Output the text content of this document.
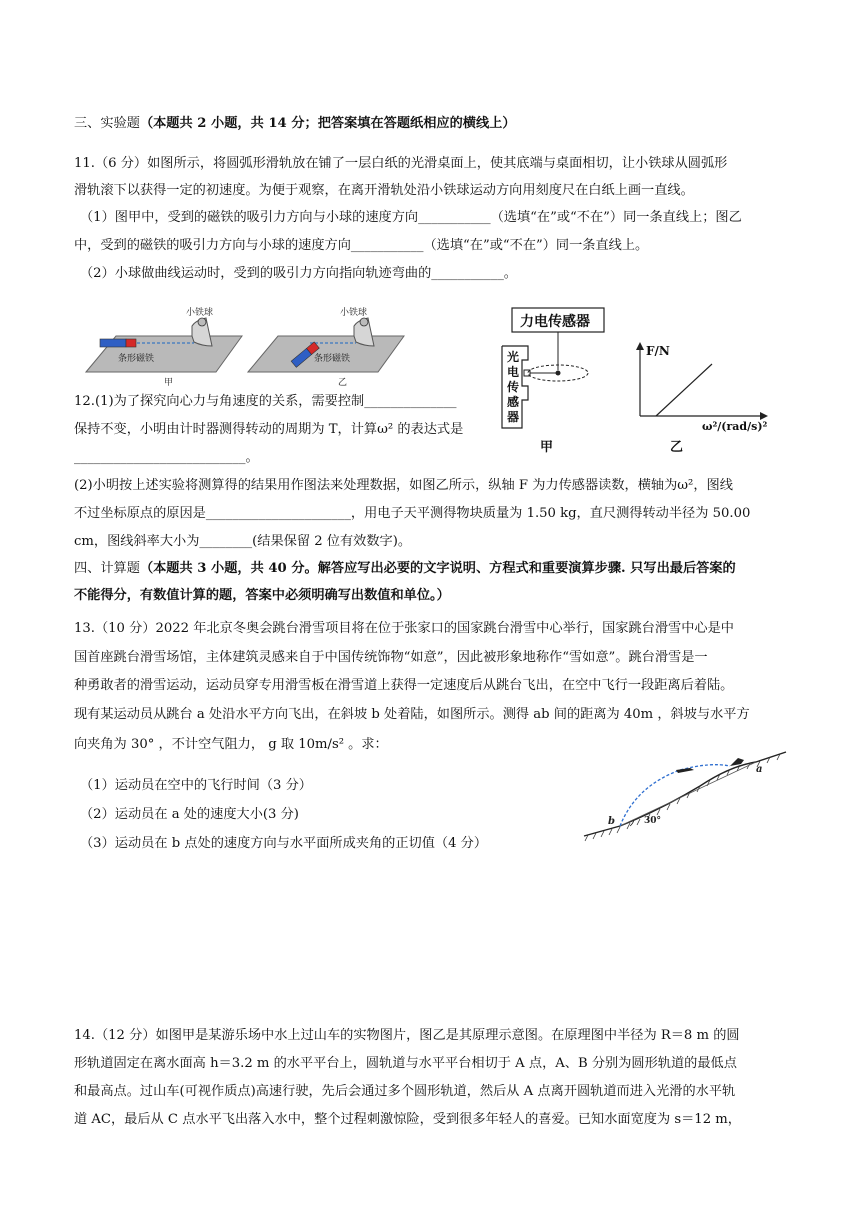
三、实验题（本题共 2 小题，共 14 分；把答案填在答题纸相应的横线上）
11.（6 分）如图所示，将圆弧形滑轨放在铺了一层白纸的光滑桌面上，使其底端与桌面相切，让小铁球从圆弧形
滑轨滚下以获得一定的初速度。为便于观察，在离开滑轨处沿小铁球运动方向用刻度尺在白纸上画一直线。
（1）图甲中，受到的磁铁的吸引力方向与小球的速度方向___________（选填“在”或“不在”）同一条直线上；图乙
中，受到的磁铁的吸引力方向与小球的速度方向___________（选填“在”或“不在”）同一条直线上。
（2）小球做曲线运动时，受到的吸引力方向指向轨迹弯曲的___________。
小铁球
条形磁铁
甲
小铁球
条形磁铁
乙
力电传感器
光
电
传
感
器
甲
F/N
ω²/(rad/s)²
乙
12.(1)为了探究向心力与角速度的关系，需要控制______________
保持不变，小明由计时器测得转动的周期为 T，计算ω² 的表达式是
__________________________。
(2)小明按上述实验将测算得的结果用作图法来处理数据，如图乙所示，纵轴 F 为力传感器读数，横轴为ω²，图线
不过坐标原点的原因是______________________，用电子天平测得物块质量为 1.50 kg，直尺测得转动半径为 50.00
cm，图线斜率大小为________(结果保留 2 位有效数字)。
四、计算题（本题共 3 小题，共 40 分。解答应写出必要的文字说明、方程式和重要演算步骤. 只写出最后答案的
不能得分，有数值计算的题，答案中必须明确写出数值和单位。）
13.（10 分）2022 年北京冬奥会跳台滑雪项目将在位于张家口的国家跳台滑雪中心举行，国家跳台滑雪中心是中
国首座跳台滑雪场馆，主体建筑灵感来自于中国传统饰物“如意”，因此被形象地称作“雪如意”。跳台滑雪是一
种勇敢者的滑雪运动，运动员穿专用滑雪板在滑雪道上获得一定速度后从跳台飞出，在空中飞行一段距离后着陆。
现有某运动员从跳台 a 处沿水平方向飞出，在斜坡 b 处着陆，如图所示。测得 ab 间的距离为 40m ，斜坡与水平方
向夹角为 30° ，不计空气阻力， g 取 10m/s² 。求：
（1）运动员在空中的飞行时间（3 分）
（2）运动员在 a 处的速度大小(3 分)
（3）运动员在 b 点处的速度方向与水平面所成夹角的正切值（4 分）
a
b	30°
14.（12 分）如图甲是某游乐场中水上过山车的实物图片，图乙是其原理示意图。在原理图中半径为 R＝8 m 的圆
形轨道固定在离水面高 h＝3.2 m 的水平平台上，圆轨道与水平平台相切于 A 点，A、B 分别为圆形轨道的最低点
和最高点。过山车(可视作质点)高速行驶，先后会通过多个圆形轨道，然后从 A 点离开圆轨道而进入光滑的水平轨
道 AC，最后从 C 点水平飞出落入水中，整个过程刺激惊险，受到很多年轻人的喜爱。已知水面宽度为 s＝12 m，
